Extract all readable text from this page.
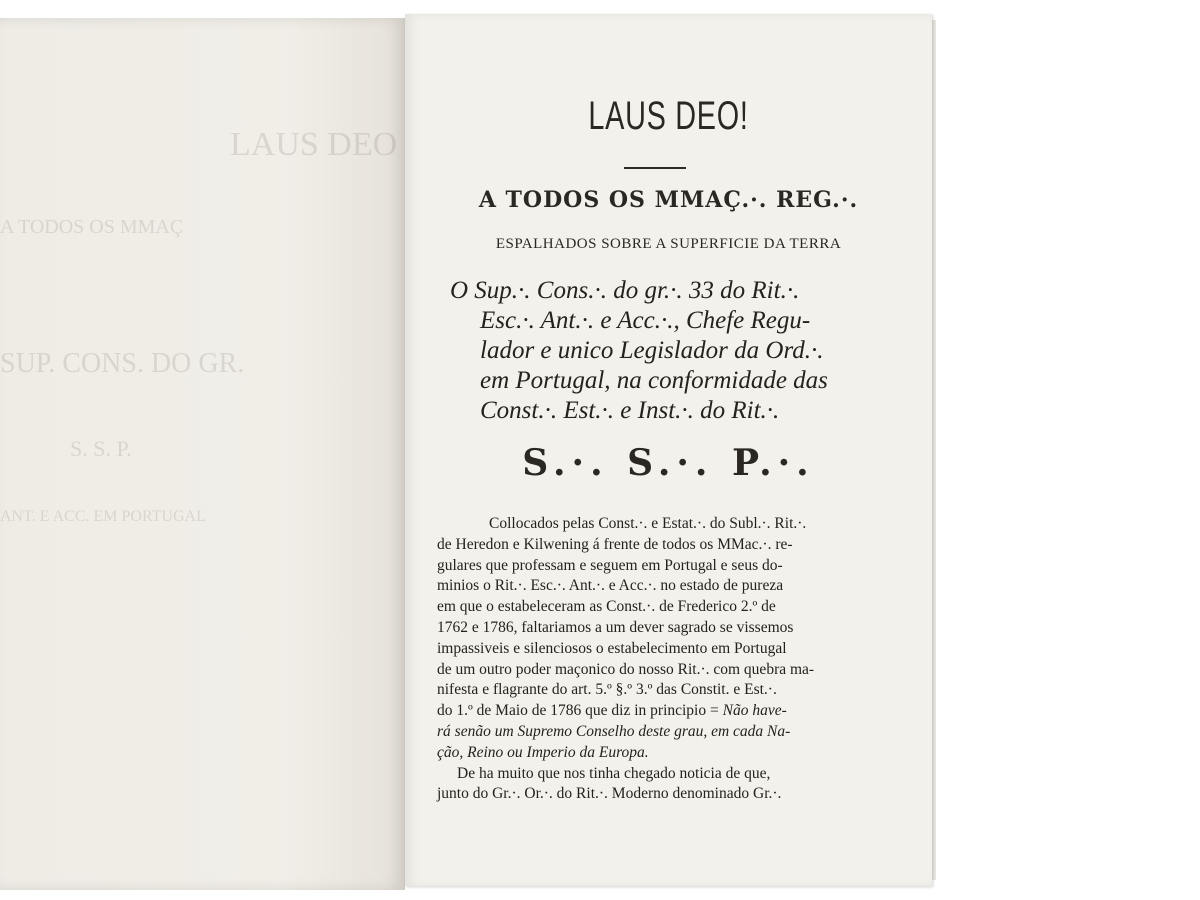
LAUS DEO
A TODOS OS MMAÇ
SUP. CONS. DO GR.
S. S. P.
ANT. E ACC. EM PORTUGAL
LAUS DEO!
A TODOS OS MMAÇ.·. REG.·.
ESPALHADOS SOBRE A SUPERFICIE DA TERRA
O Sup.·. Cons.·. do gr.·. 33 do Rit.·.
Esc.·. Ant.·. e Acc.·., Chefe Regu-
lador e unico Legislador da Ord.·.
em Portugal, na conformidade das
Const.·. Est.·. e Inst.·. do Rit.·.
S.·. S.·. P.·.
Collocados pelas Const.·. e Estat.·. do Subl.·. Rit.·.
de Heredon e Kilwening á frente de todos os MMac.·. re-
gulares que professam e seguem em Portugal e seus do-
minios o Rit.·. Esc.·. Ant.·. e Acc.·. no estado de pureza
em que o estabeleceram as Const.·. de Frederico 2.º de
1762 e 1786, faltariamos a um dever sagrado se vissemos
impassiveis e silenciosos o estabelecimento em Portugal
de um outro poder maçonico do nosso Rit.·. com quebra ma-
nifesta e flagrante do art. 5.º §.º 3.º das Constit. e Est.·.
do 1.º de Maio de 1786 que diz in principio = Não have-
rá senão um Supremo Conselho deste grau, em cada Na-
ção, Reino ou Imperio da Europa.
De ha muito que nos tinha chegado noticia de que,
junto do Gr.·. Or.·. do Rit.·. Moderno denominado Gr.·.
